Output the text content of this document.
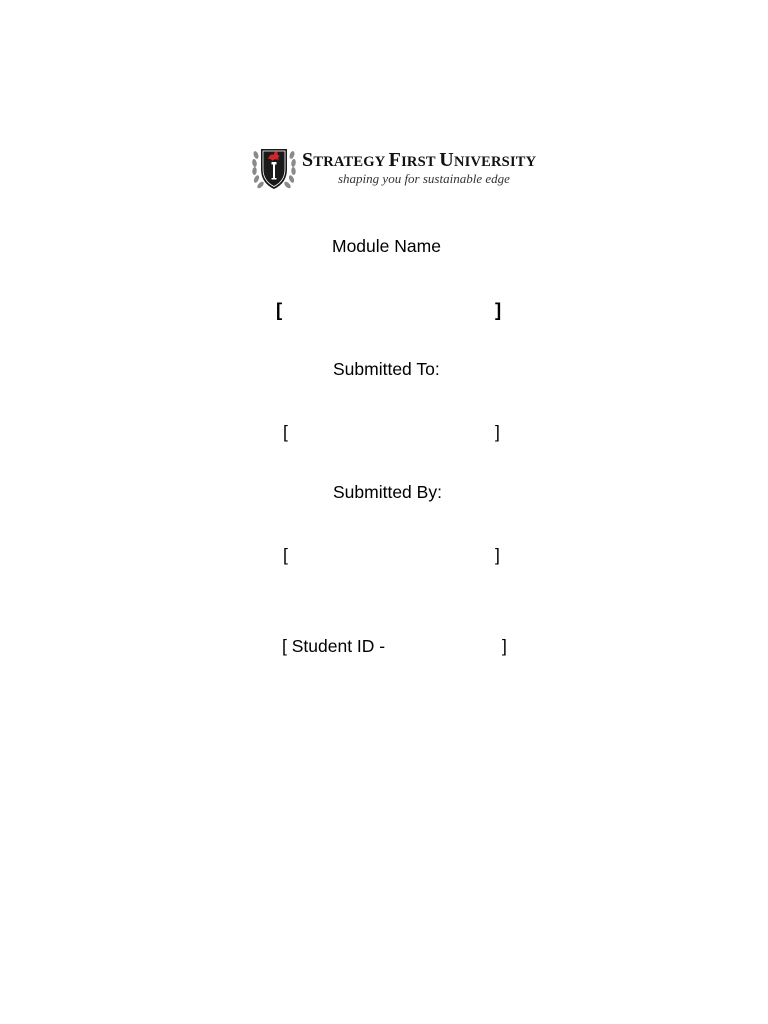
STRATEGY FIRST UNIVERSITY
shaping you for sustainable edge
Module Name
[	]
Submitted To:
[	]
Submitted By:
[	]
[ Student ID -	]
